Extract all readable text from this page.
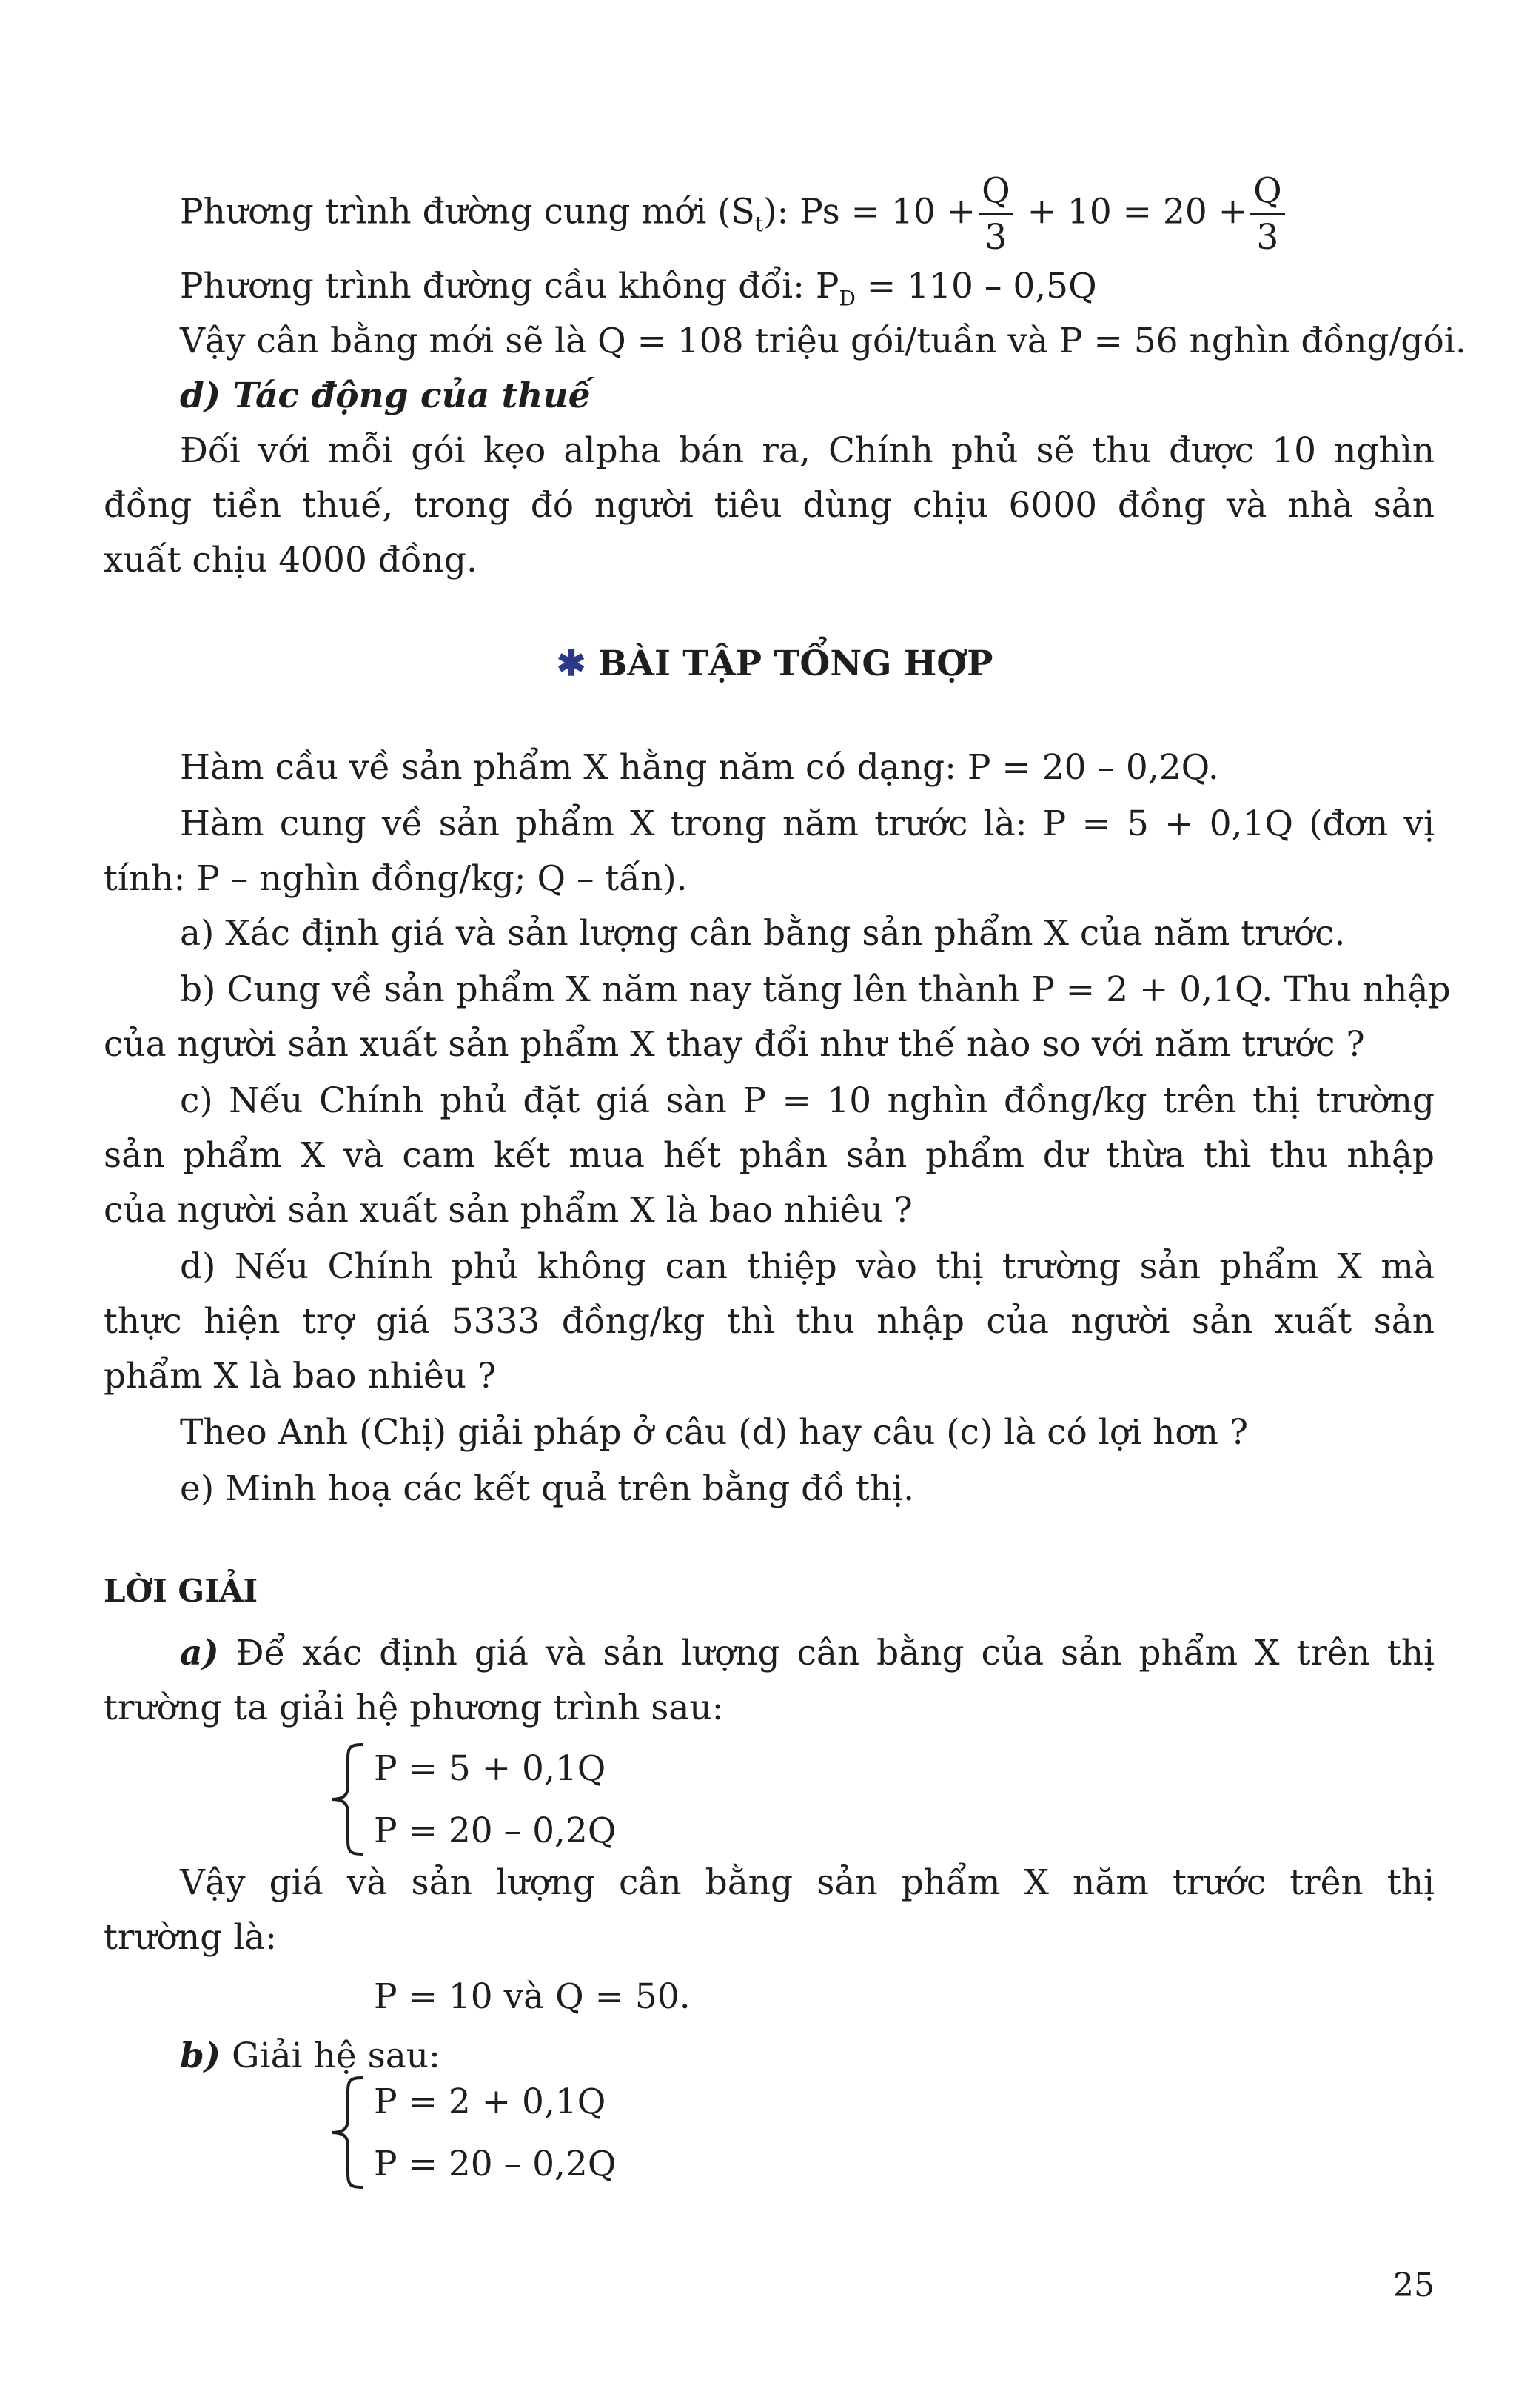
Phương trình đường cung mới $(S_t)$: $Ps = 10 + \frac{Q}{3} + 10 = 20 + \frac{Q}{3}$
Phương trình đường cầu không đổi: $P_D = 110 - 0,5Q$
Vậy cân bằng mới sẽ là Q = 108 triệu gói/tuần và P = 56 nghìn đồng/gói.
d) Tác động của thuế
Đối với mỗi gói kẹo alpha bán ra, Chính phủ sẽ thu được 10 nghìn
đồng tiền thuế, trong đó người tiêu dùng chịu 6000 đồng và nhà sản
xuất chịu 4000 đồng.
✱ BÀI TẬP TỔNG HỢP
Hàm cầu về sản phẩm X hằng năm có dạng: P = 20 – 0,2Q.
Hàm cung về sản phẩm X trong năm trước là: P = 5 + 0,1Q (đơn vị
tính: P – nghìn đồng/kg; Q – tấn).
a) Xác định giá và sản lượng cân bằng sản phẩm X của năm trước.
b) Cung về sản phẩm X năm nay tăng lên thành P = 2 + 0,1Q. Thu nhập
của người sản xuất sản phẩm X thay đổi như thế nào so với năm trước ?
c) Nếu Chính phủ đặt giá sàn P = 10 nghìn đồng/kg trên thị trường
sản phẩm X và cam kết mua hết phần sản phẩm dư thừa thì thu nhập
của người sản xuất sản phẩm X là bao nhiêu ?
d) Nếu Chính phủ không can thiệp vào thị trường sản phẩm X mà
thực hiện trợ giá 5333 đồng/kg thì thu nhập của người sản xuất sản
phẩm X là bao nhiêu ?
Theo Anh (Chị) giải pháp ở câu (d) hay câu (c) là có lợi hơn ?
e) Minh hoạ các kết quả trên bằng đồ thị.
LỜI GIẢI
a) Để xác định giá và sản lượng cân bằng của sản phẩm X trên thị
trường ta giải hệ phương trình sau:
P = 5 + 0,1Q
P = 20 – 0,2Q
Vậy giá và sản lượng cân bằng sản phẩm X năm trước trên thị
trường là:
P = 10 và Q = 50.
b) Giải hệ sau:
P = 2 + 0,1Q
P = 20 – 0,2Q
25
